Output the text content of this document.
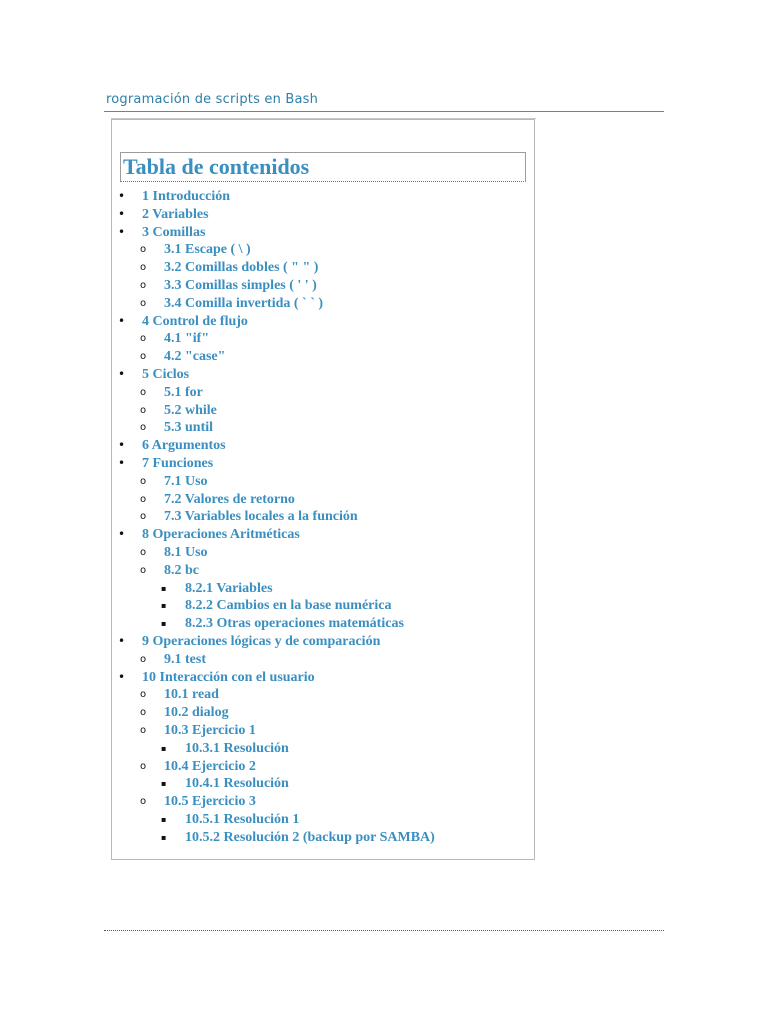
rogramación de scripts en Bash
Tabla de contenidos
• 1 Introducción
• 2 Variables
• 3 Comillas
o 3.1 Escape ( \ )
o 3.2 Comillas dobles ( " " )
o 3.3 Comillas simples ( ' ' )
o 3.4 Comilla invertida ( ` ` )
• 4 Control de flujo
o 4.1 "if"
o 4.2 "case"
• 5 Ciclos
o 5.1 for
o 5.2 while
o 5.3 until
• 6 Argumentos
• 7 Funciones
o 7.1 Uso
o 7.2 Valores de retorno
o 7.3 Variables locales a la función
• 8 Operaciones Aritméticas
o 8.1 Uso
o 8.2 bc
▪ 8.2.1 Variables
▪ 8.2.2 Cambios en la base numérica
▪ 8.2.3 Otras operaciones matemáticas
• 9 Operaciones lógicas y de comparación
o 9.1 test
• 10 Interacción con el usuario
o 10.1 read
o 10.2 dialog
o 10.3 Ejercicio 1
▪ 10.3.1 Resolución
o 10.4 Ejercicio 2
▪ 10.4.1 Resolución
o 10.5 Ejercicio 3
▪ 10.5.1 Resolución 1
▪ 10.5.2 Resolución 2 (backup por SAMBA)
